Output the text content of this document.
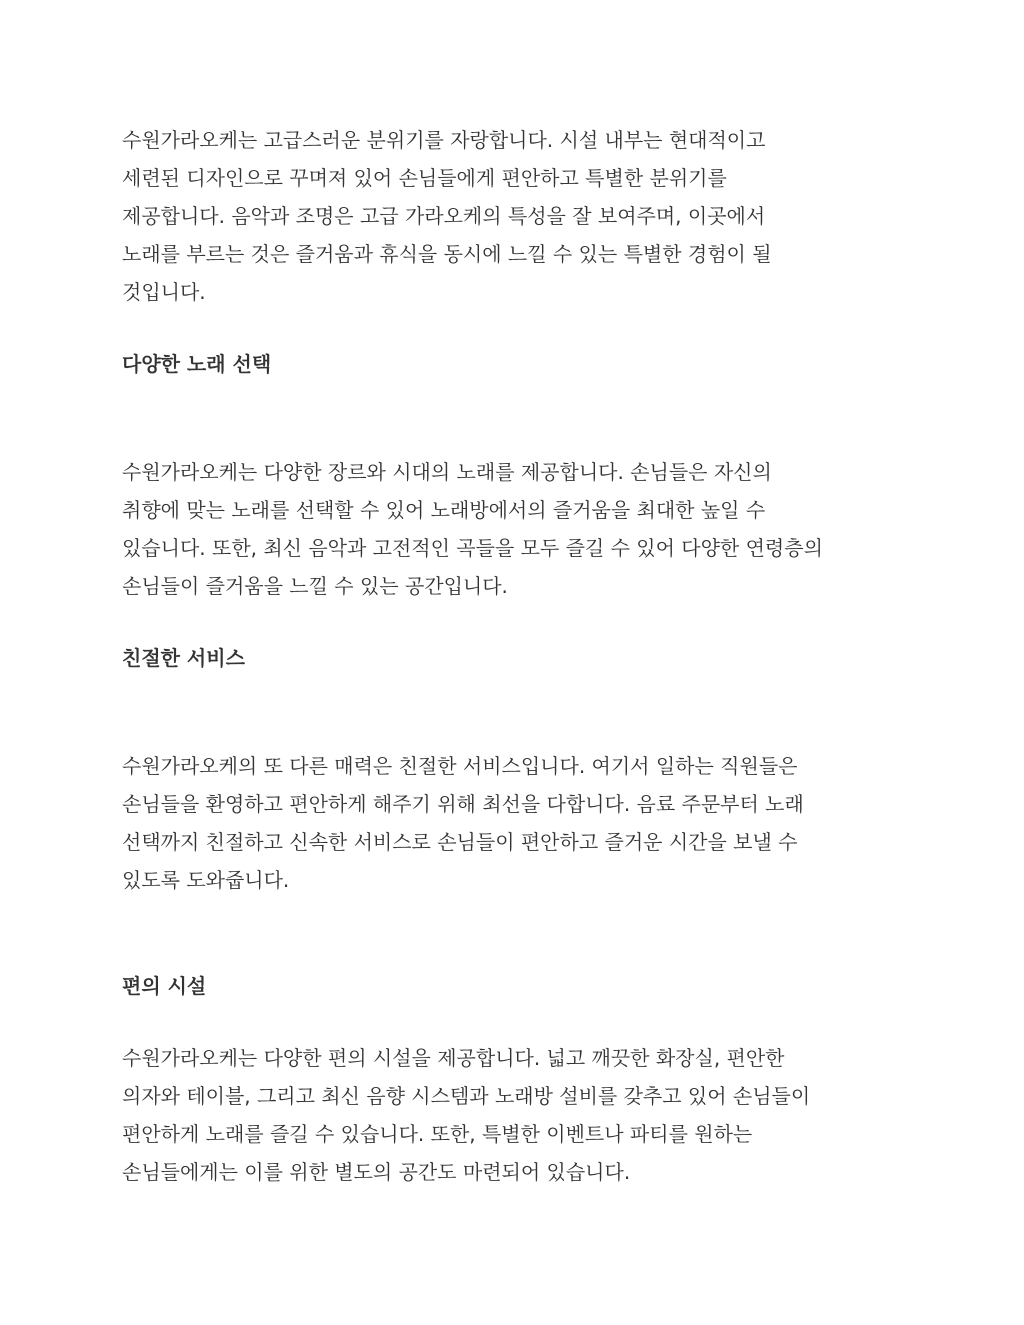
수원가라오케는 고급스러운 분위기를 자랑합니다. 시설 내부는 현대적이고
세련된 디자인으로 꾸며져 있어 손님들에게 편안하고 특별한 분위기를
제공합니다. 음악과 조명은 고급 가라오케의 특성을 잘 보여주며, 이곳에서
노래를 부르는 것은 즐거움과 휴식을 동시에 느낄 수 있는 특별한 경험이 될
것입니다.
다양한 노래 선택
수원가라오케는 다양한 장르와 시대의 노래를 제공합니다. 손님들은 자신의
취향에 맞는 노래를 선택할 수 있어 노래방에서의 즐거움을 최대한 높일 수
있습니다. 또한, 최신 음악과 고전적인 곡들을 모두 즐길 수 있어 다양한 연령층의
손님들이 즐거움을 느낄 수 있는 공간입니다.
친절한 서비스
수원가라오케의 또 다른 매력은 친절한 서비스입니다. 여기서 일하는 직원들은
손님들을 환영하고 편안하게 해주기 위해 최선을 다합니다. 음료 주문부터 노래
선택까지 친절하고 신속한 서비스로 손님들이 편안하고 즐거운 시간을 보낼 수
있도록 도와줍니다.
편의 시설
수원가라오케는 다양한 편의 시설을 제공합니다. 넓고 깨끗한 화장실, 편안한
의자와 테이블, 그리고 최신 음향 시스템과 노래방 설비를 갖추고 있어 손님들이
편안하게 노래를 즐길 수 있습니다. 또한, 특별한 이벤트나 파티를 원하는
손님들에게는 이를 위한 별도의 공간도 마련되어 있습니다.
